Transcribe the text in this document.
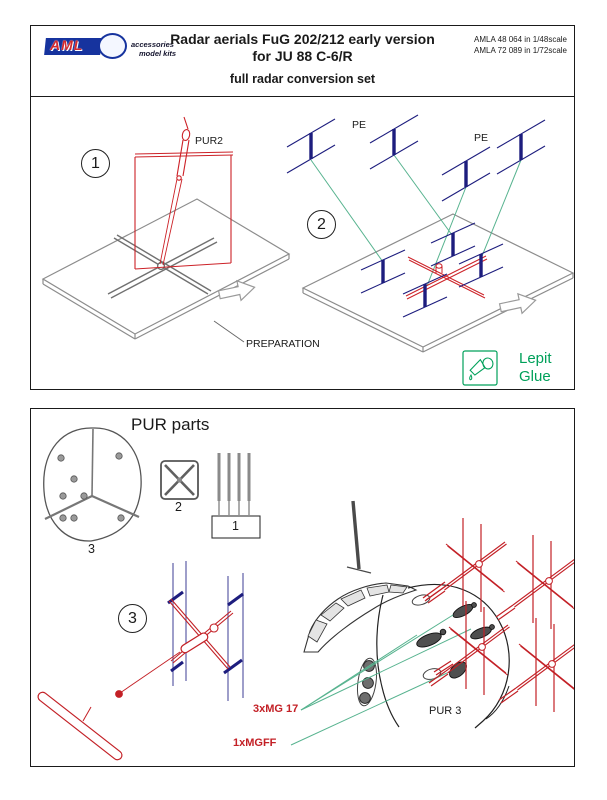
AML	accessories
model kits
Radar aerials FuG 202/212 early version
for JU 88 C-6/R
full radar conversion set
AMLA 48 064 in 1/48scale
AMLA 72 089 in 1/72scale
1
PUR2
PREPARATION
2
PE
PE
Lepit
Glue
PUR parts
3
2
1
3
3xMG 17
1xMGFF
PUR 3
